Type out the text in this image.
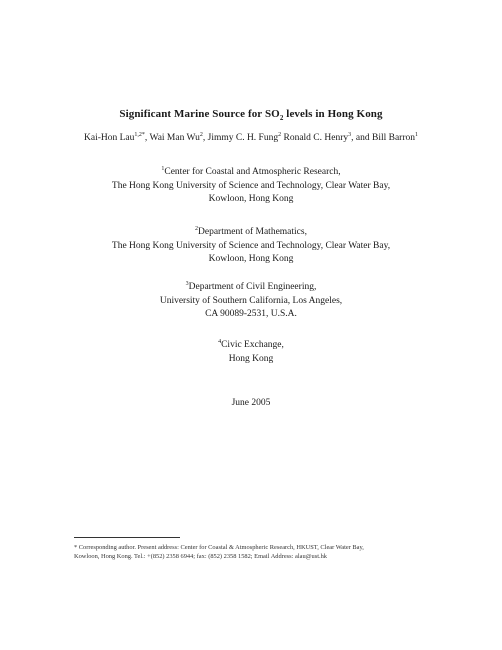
Significant Marine Source for $SO_2$ levels in Hong Kong
Kai-Hon Lau$^{1,2*}$, Wai Man Wu$^2$, Jimmy C. H. Fung$^2$ Ronald C. Henry$^3$, and Bill Barron$^1$
$^1$Center for Coastal and Atmospheric Research,
The Hong Kong University of Science and Technology, Clear Water Bay,
Kowloon, Hong Kong
$^2$Department of Mathematics,
The Hong Kong University of Science and Technology, Clear Water Bay,
Kowloon, Hong Kong
$^3$Department of Civil Engineering,
University of Southern California, Los Angeles,
CA 90089-2531, U.S.A.
$^4$Civic Exchange,
Hong Kong
June 2005
* Corresponding author. Present address: Center for Coastal & Atmospheric Research, HKUST, Clear Water Bay,
Kowloon, Hong Kong. Tel.: +(852) 2358 6944; fax: (852) 2358 1582; Email Address: alau@ust.hk
